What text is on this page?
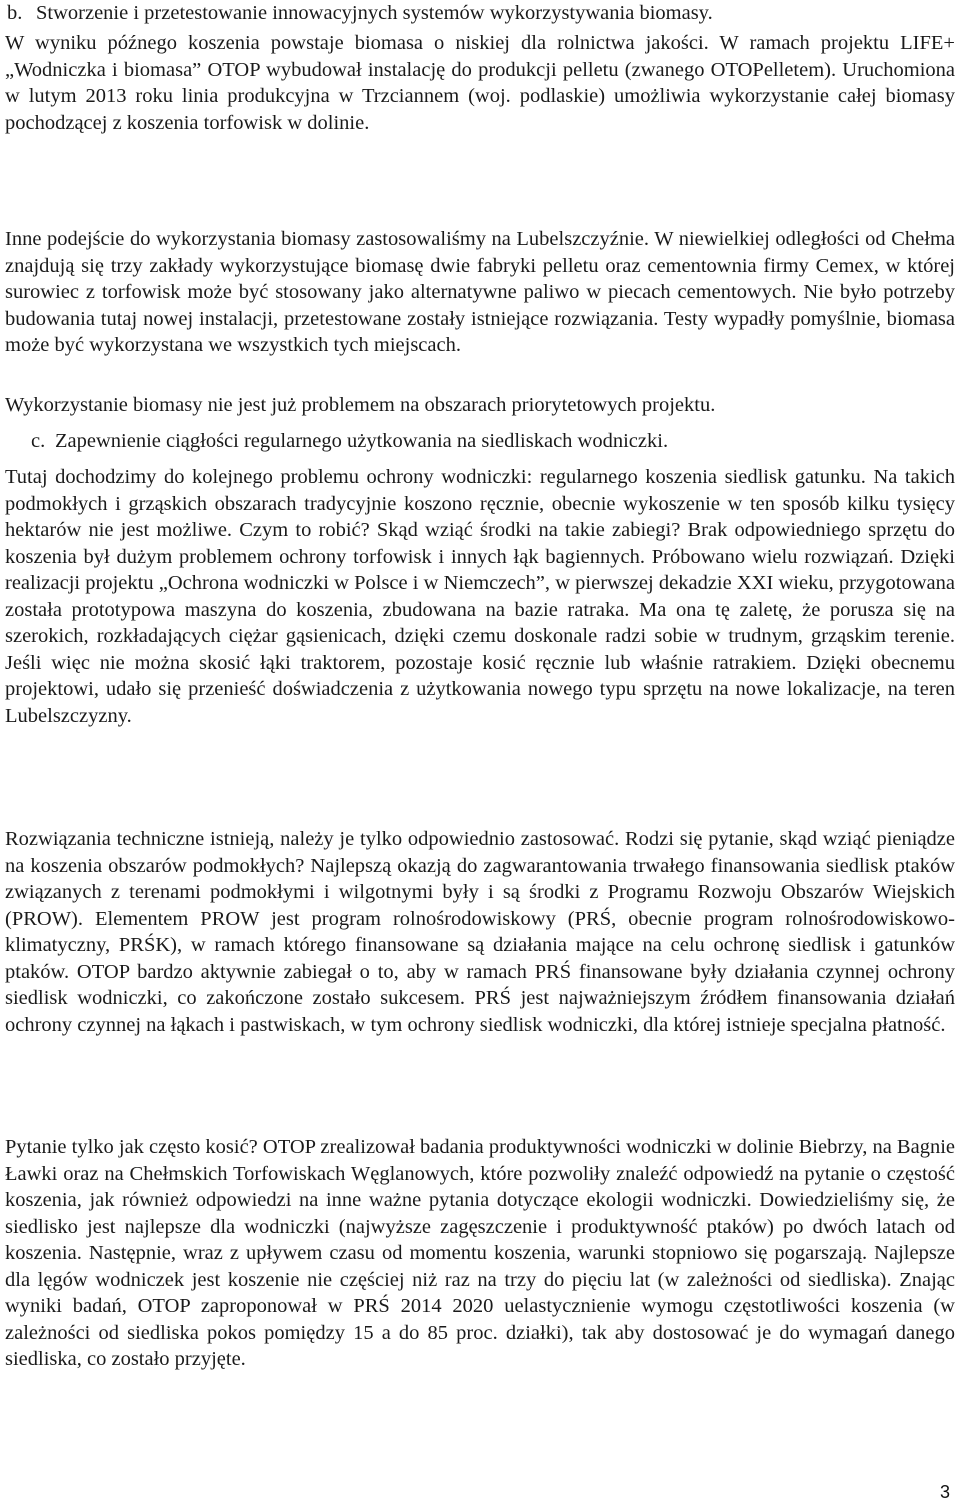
b. Stworzenie i przetestowanie innowacyjnych systemów wykorzystywania biomasy.

W wyniku późnego koszenia powstaje biomasa o niskiej dla rolnictwa jakości. W ramach projektu LIFE+ „Wodniczka i biomasa” OTOP wybudował instalację do produkcji pelletu (zwanego OTOPelletem). Uruchomiona w lutym 2013 roku linia produkcyjna w Trzciannem (woj. podlaskie) umożliwia wykorzystanie całej biomasy pochodzącej z koszenia torfowisk w dolinie.

Inne podejście do wykorzystania biomasy zastosowaliśmy na Lubelszczyźnie. W niewielkiej odległości od Chełma znajdują się trzy zakłady wykorzystujące biomasę dwie fabryki pelletu oraz cementownia firmy Cemex, w której surowiec z torfowisk może być stosowany jako alternatywne paliwo w piecach cementowych. Nie było potrzeby budowania tutaj nowej instalacji, przetestowane zostały istniejące rozwiązania. Testy wypadły pomyślnie, biomasa może być wykorzystana we wszystkich tych miejscach.

Wykorzystanie biomasy nie jest już problemem na obszarach priorytetowych projektu.

c. Zapewnienie ciągłości regularnego użytkowania na siedliskach wodniczki.

Tutaj dochodzimy do kolejnego problemu ochrony wodniczki: regularnego koszenia siedlisk gatunku. Na takich podmokłych i grząskich obszarach tradycyjnie koszono ręcznie, obecnie wykoszenie w ten sposób kilku tysięcy hektarów nie jest możliwe. Czym to robić? Skąd wziąć środki na takie zabiegi? Brak odpowiedniego sprzętu do koszenia był dużym problemem ochrony torfowisk i innych łąk bagiennych. Próbowano wielu rozwiązań. Dzięki realizacji projektu „Ochrona wodniczki w Polsce i w Niemczech”, w pierwszej dekadzie XXI wieku, przygotowana została prototypowa maszyna do koszenia, zbudowana na bazie ratraka. Ma ona tę zaletę, że porusza się na szerokich, rozkładających ciężar gąsienicach, dzięki czemu doskonale radzi sobie w trudnym, grząskim terenie. Jeśli więc nie można skosić łąki traktorem, pozostaje kosić ręcznie lub właśnie ratrakiem. Dzięki obecnemu projektowi, udało się przenieść doświadczenia z użytkowania nowego typu sprzętu na nowe lokalizacje, na teren Lubelszczyzny.

Rozwiązania techniczne istnieją, należy je tylko odpowiednio zastosować. Rodzi się pytanie, skąd wziąć pieniądze na koszenia obszarów podmokłych? Najlepszą okazją do zagwarantowania trwałego finansowania siedlisk ptaków związanych z terenami podmokłymi i wilgotnymi były i są środki z Programu Rozwoju Obszarów Wiejskich (PROW). Elementem PROW jest program rolnośrodowiskowy (PRŚ, obecnie program rolnośrodowiskowo-klimatyczny, PRŚK), w ramach którego finansowane są działania mające na celu ochronę siedlisk i gatunków ptaków. OTOP bardzo aktywnie zabiegał o to, aby w ramach PRŚ finansowane były działania czynnej ochrony siedlisk wodniczki, co zakończone zostało sukcesem. PRŚ jest najważniejszym źródłem finansowania działań ochrony czynnej na łąkach i pastwiskach, w tym ochrony siedlisk wodniczki, dla której istnieje specjalna płatność.

Pytanie tylko jak często kosić? OTOP zrealizował badania produktywności wodniczki w dolinie Biebrzy, na Bagnie Ławki oraz na Chełmskich Torfowiskach Węglanowych, które pozwoliły znaleźć odpowiedź na pytanie o częstość koszenia, jak również odpowiedzi na inne ważne pytania dotyczące ekologii wodniczki. Dowiedzieliśmy się, że siedlisko jest najlepsze dla wodniczki (najwyższe zagęszczenie i produktywność ptaków) po dwóch latach od koszenia. Następnie, wraz z upływem czasu od momentu koszenia, warunki stopniowo się pogarszają. Najlepsze dla lęgów wodniczek jest koszenie nie częściej niż raz na trzy do pięciu lat (w zależności od siedliska). Znając wyniki badań, OTOP zaproponował w PRŚ 2014 2020 uelastycznienie wymogu częstotliwości koszenia (w zależności od siedliska pokos pomiędzy 15 a do 85 proc. działki), tak aby dostosować je do wymagań danego siedliska, co zostało przyjęte.

3
